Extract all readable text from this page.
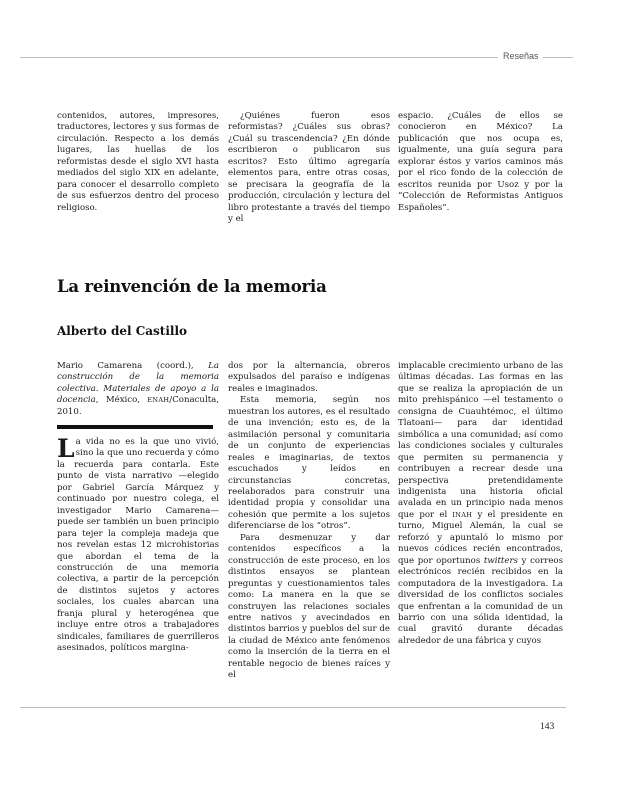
Reseñas

contenidos, autores, impresores, traductores, lectores y sus formas de circulación. Respecto a los demás lugares, las huellas de los reformistas desde el siglo XVI hasta mediados del siglo XIX en adelante, para conocer el desarrollo completo de sus esfuerzos dentro del proceso religioso.

¿Quiénes fueron esos reformistas? ¿Cuáles sus obras? ¿Cuál su trascendencia? ¿En dónde escribieron o publicaron sus escritos? Esto último agregaría elementos para, entre otras cosas, se precisara la geografía de la producción, circulación y lectura del libro protestante a través del tiempo y el

espacio. ¿Cuáles de ellos se conocieron en México? La publicación que nos ocupa es, igualmente, una guía segura para explorar éstos y varios caminos más por el rico fondo de la colección de escritos reunida por Usoz y por la “Colección de Reformistas Antiguos Españoles”.

La reinvención de la memoria
Alberto del Castillo
Mario Camarena (coord.), La construcción de la memoria colectiva. Materiales de apoyo a la docencia, México, ENAH/Conaculta, 2010.

La vida no es la que uno vivió, sino la que uno recuerda y cómo la recuerda para contarla. Este punto de vista narrativo —elegido por Gabriel García Márquez y continuado por nuestro colega, el investigador Mario Camarena— puede ser también un buen principio para tejer la compleja madeja que nos revelan estas 12 microhistorias que abordan el tema de la construcción de una memoria colectiva, a partir de la percepción de distintos sujetos y actores sociales, los cuales abarcan una franja plural y heterogénea que incluye entre otros a trabajadores sindicales, familiares de guerrilleros asesinados, políticos margina-

dos por la alternancia, obreros expulsados del paraíso e indígenas reales e imaginados.

Esta memoria, según nos muestran los autores, es el resultado de una invención; esto es, de la asimilación personal y comunitaria de un conjunto de experiencias reales e imaginarias, de textos escuchados y leídos en circunstancias concretas, reelaborados para construir una identidad propia y consolidar una cohesión que permite a los sujetos diferenciarse de los “otros”.

Para desmenuzar y dar contenidos específicos a la construcción de este proceso, en los distintos ensayos se plantean preguntas y cuestionamientos tales como: La manera en la que se construyen las relaciones sociales entre nativos y avecindados en distintos barrios y pueblos del sur de la ciudad de México ante fenómenos como la inserción de la tierra en el rentable negocio de bienes raíces y el

implacable crecimiento urbano de las últimas décadas. Las formas en las que se realiza la apropiación de un mito prehispánico —el testamento o consigna de Cuauhtémoc, el último Tlatoani— para dar identidad simbólica a una comunidad; así como las condiciones sociales y culturales que permiten su permanencia y contribuyen a recrear desde una perspectiva pretendidamente indigenista una historia oficial avalada en un principio nada menos que por el INAH y el presidente en turno, Miguel Alemán, la cual se reforzó y apuntaló lo mismo por nuevos códices recién encontrados, que por oportunos twitters y correos electrónicos recién recibidos en la computadora de la investigadora. La diversidad de los conflictos sociales que enfrentan a la comunidad de un barrio con una sólida identidad, la cual gravitó durante décadas alrededor de una fábrica y cuyos

143
